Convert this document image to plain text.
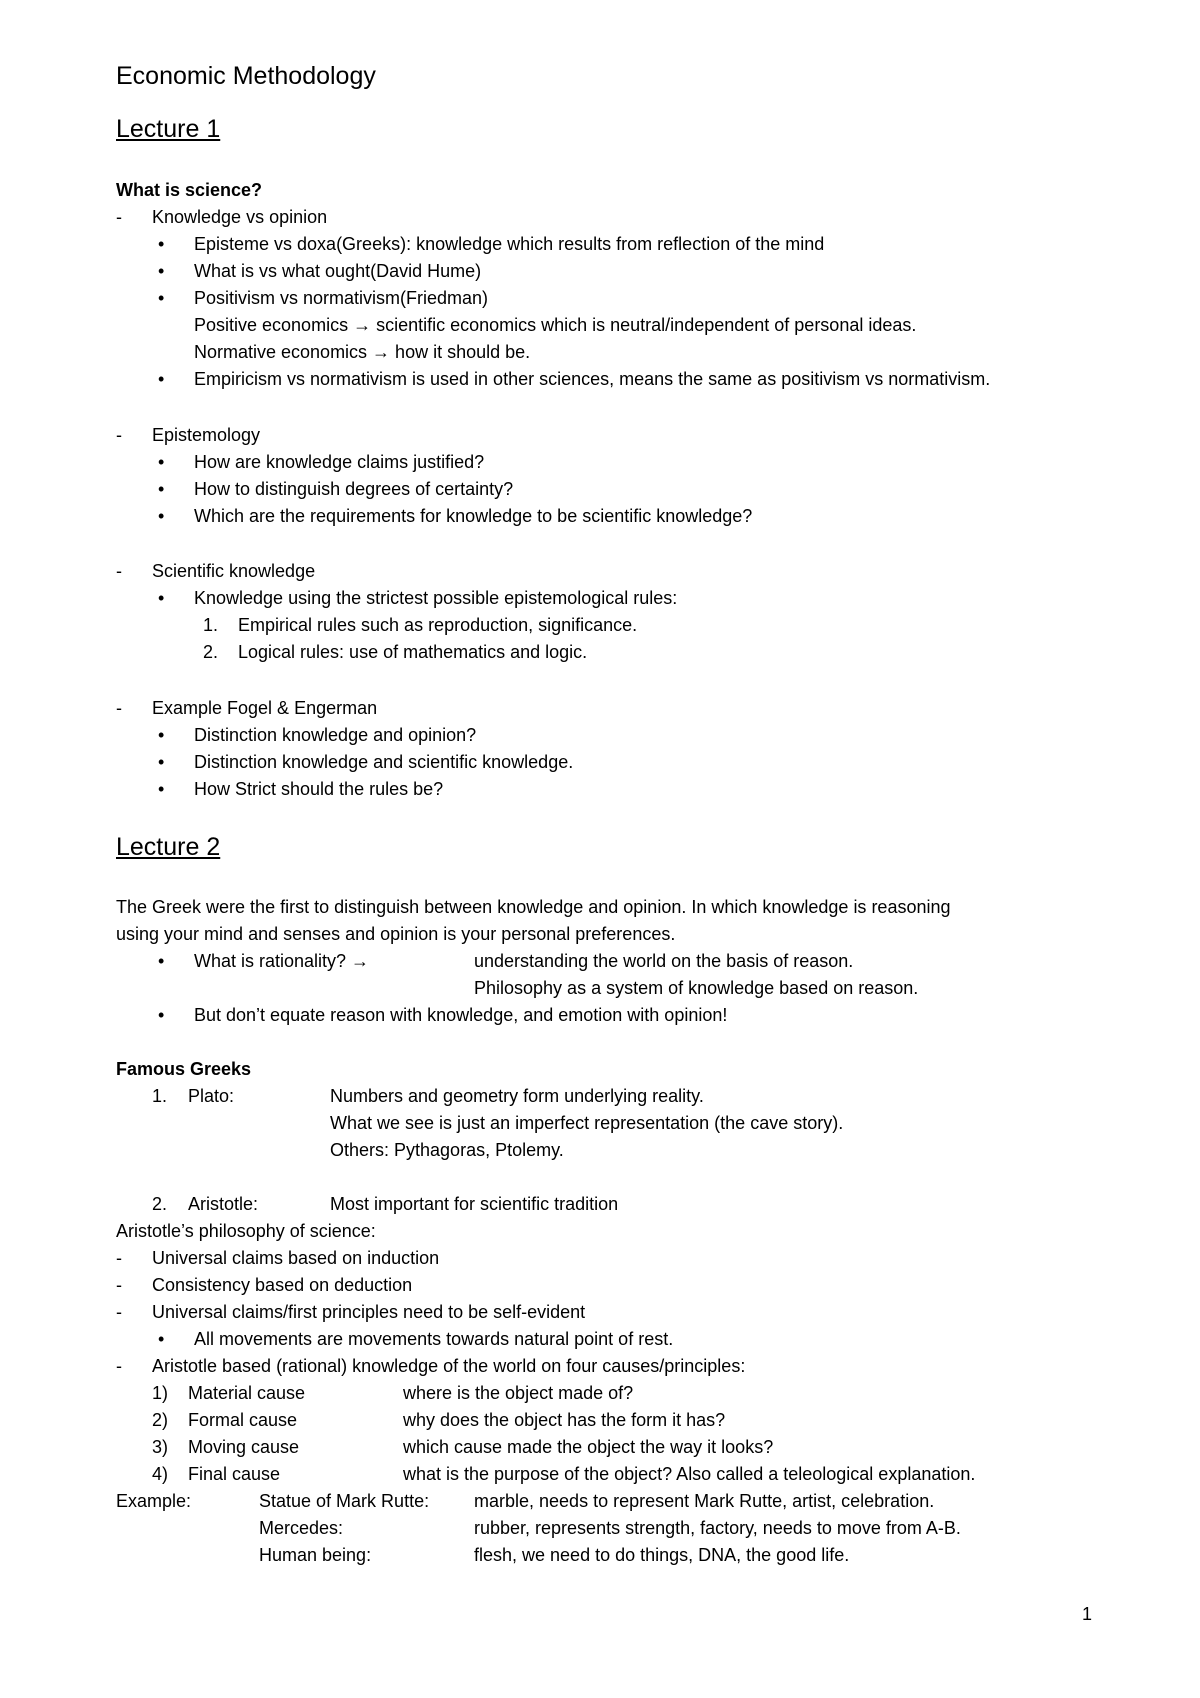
Economic Methodology
Lecture 1
What is science?
- Knowledge vs opinion
• Episteme vs doxa(Greeks): knowledge which results from reflection of the mind
• What is vs what ought(David Hume)
• Positivism vs normativism(Friedman)
Positive economics → scientific economics which is neutral/independent of personal ideas.
Normative economics → how it should be.
• Empiricism vs normativism is used in other sciences, means the same as positivism vs normativism.
- Epistemology
• How are knowledge claims justified?
• How to distinguish degrees of certainty?
• Which are the requirements for knowledge to be scientific knowledge?
- Scientific knowledge
• Knowledge using the strictest possible epistemological rules:
1. Empirical rules such as reproduction, significance.
2. Logical rules: use of mathematics and logic.
- Example Fogel & Engerman
• Distinction knowledge and opinion?
• Distinction knowledge and scientific knowledge.
• How Strict should the rules be?
Lecture 2
The Greek were the first to distinguish between knowledge and opinion. In which knowledge is reasoning
using your mind and senses and opinion is your personal preferences.
• What is rationality? →	understanding the world on the basis of reason.
Philosophy as a system of knowledge based on reason.
• But don’t equate reason with knowledge, and emotion with opinion!
Famous Greeks
1. Plato:	Numbers and geometry form underlying reality.
What we see is just an imperfect representation (the cave story).
Others: Pythagoras, Ptolemy.
2. Aristotle:	Most important for scientific tradition
Aristotle’s philosophy of science:
- Universal claims based on induction
- Consistency based on deduction
- Universal claims/first principles need to be self-evident
• All movements are movements towards natural point of rest.
- Aristotle based (rational) knowledge of the world on four causes/principles:
1) Material cause	where is the object made of?
2) Formal cause	why does the object has the form it has?
3) Moving cause	which cause made the object the way it looks?
4) Final cause	what is the purpose of the object? Also called a teleological explanation.
Example:	Statue of Mark Rutte: marble, needs to represent Mark Rutte, artist, celebration.
Mercedes:	rubber, represents strength, factory, needs to move from A-B.
Human being:	flesh, we need to do things, DNA, the good life.
1
